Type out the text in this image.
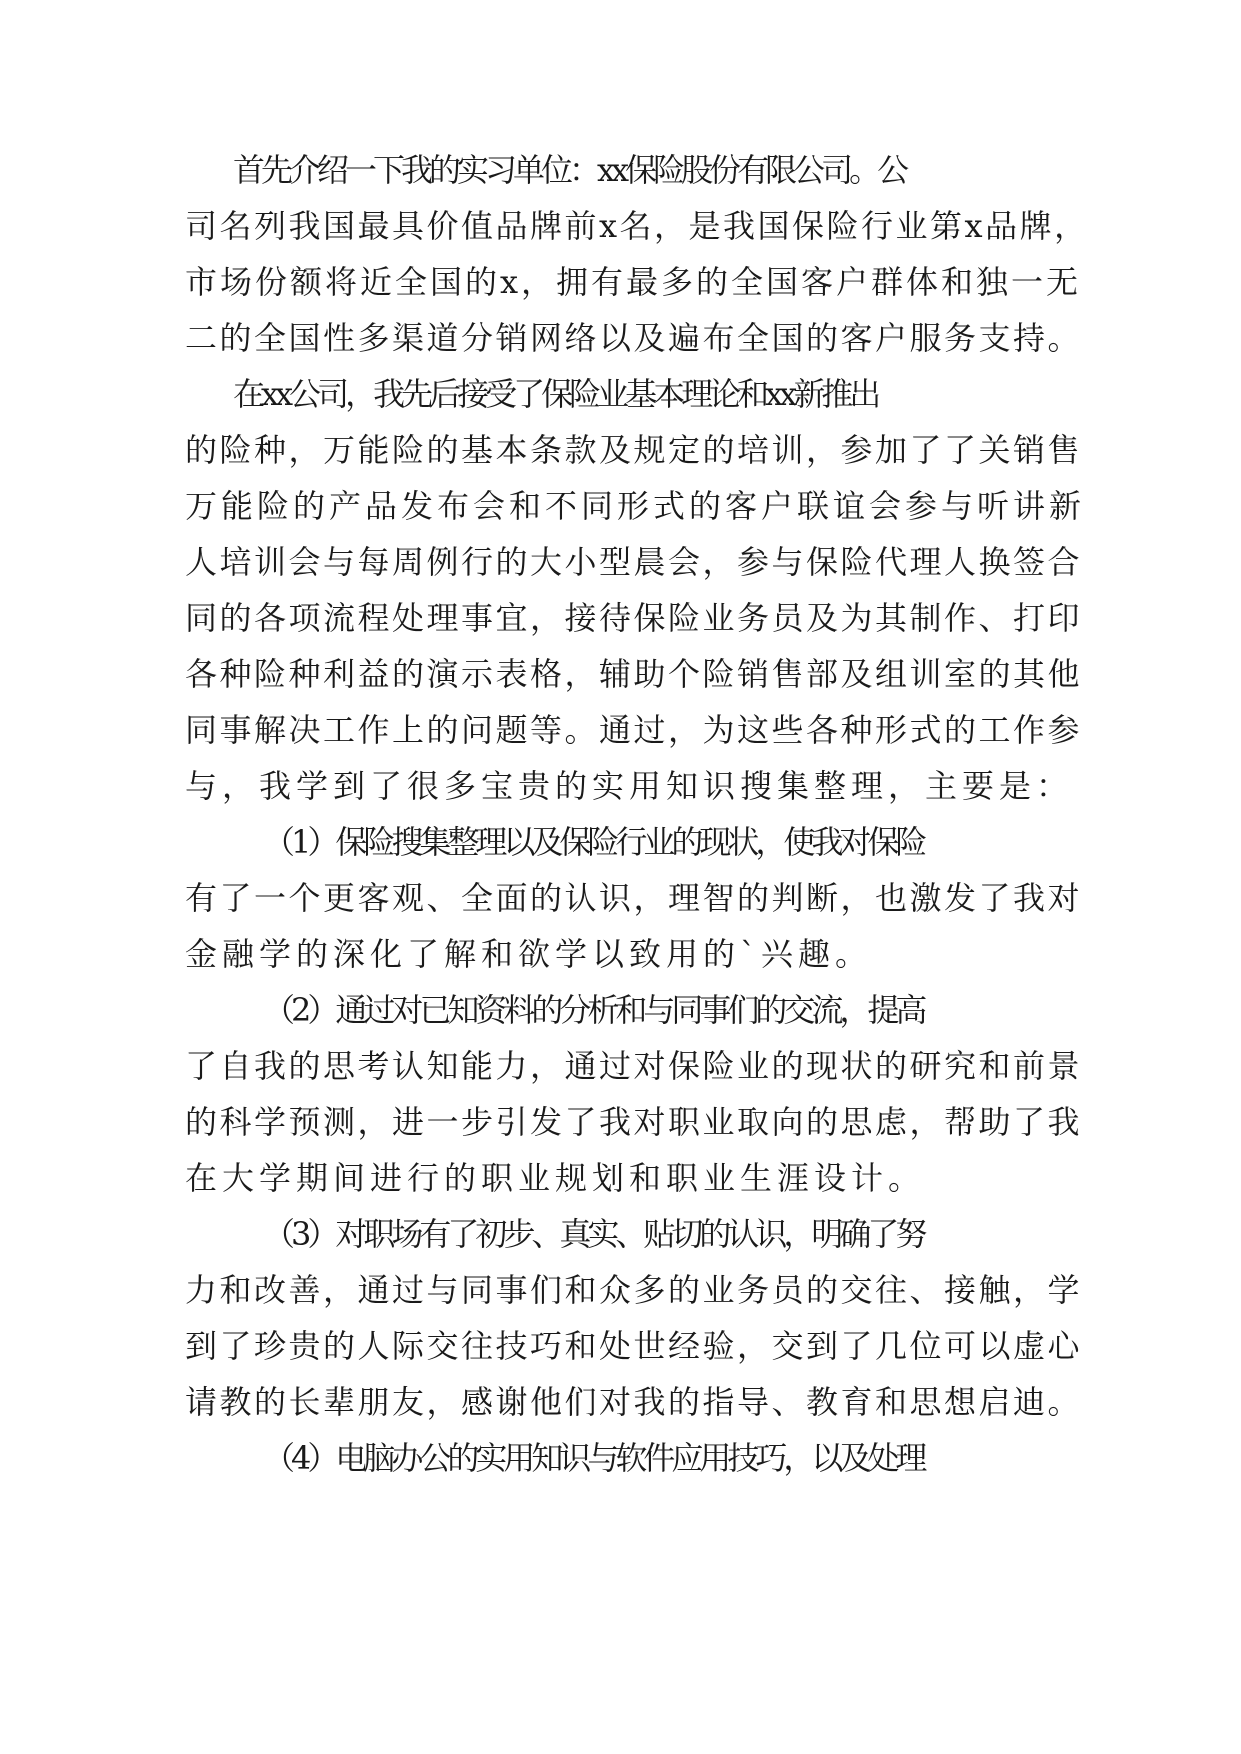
首先介绍一下我的实习单位：xx保险股份有限公司。公

司名列我国最具价值品牌前x名，是我国保险行业第x品牌，

市场份额将近全国的x，拥有最多的全国客户群体和独一无

二的全国性多渠道分销网络以及遍布全国的客户服务支持。

在xx公司，我先后接受了保险业基本理论和xx新推出

的险种，万能险的基本条款及规定的培训，参加了了关销售

万能险的产品发布会和不同形式的客户联谊会参与听讲新

人培训会与每周例行的大小型晨会，参与保险代理人换签合

同的各项流程处理事宜，接待保险业务员及为其制作、打印

各种险种利益的演示表格，辅助个险销售部及组训室的其他

同事解决工作上的问题等。通过，为这些各种形式的工作参

与，我学到了很多宝贵的实用知识搜集整理，主要是：

（1）保险搜集整理以及保险行业的现状，使我对保险

有了一个更客观、全面的认识，理智的判断，也激发了我对

金融学的深化了解和欲学以致用的`兴趣。

（2）通过对已知资料的分析和与同事们的交流，提高

了自我的思考认知能力，通过对保险业的现状的研究和前景

的科学预测，进一步引发了我对职业取向的思虑，帮助了我

在大学期间进行的职业规划和职业生涯设计。

（3）对职场有了初步、真实、贴切的认识，明确了努

力和改善，通过与同事们和众多的业务员的交往、接触，学

到了珍贵的人际交往技巧和处世经验，交到了几位可以虚心

请教的长辈朋友，感谢他们对我的指导、教育和思想启迪。

（4）电脑办公的实用知识与软件应用技巧，以及处理
